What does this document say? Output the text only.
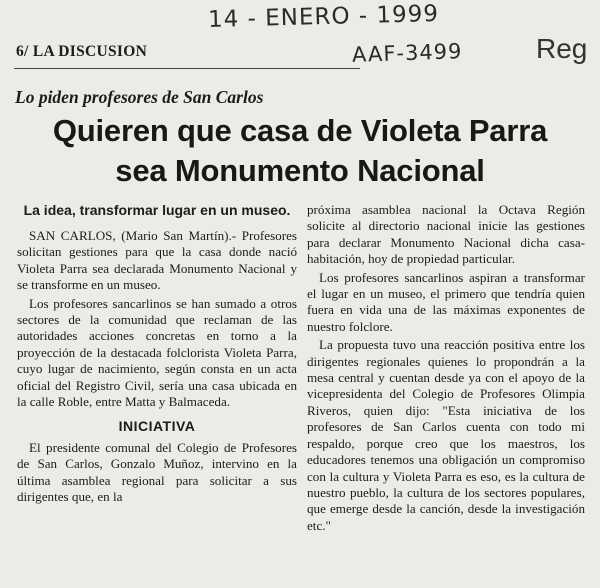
14 - ENERO - 1999
AAF-3499	Reg
6/ LA DISCUSION
Lo piden profesores de San Carlos
Quieren que casa de Violeta Parra
sea Monumento Nacional
La idea, transformar lugar en un museo.

SAN CARLOS, (Mario San Martín).- Profesores solicitan gestiones para que la casa donde nació Violeta Parra sea declarada Monumento Nacional y se transforme en un museo.

Los profesores sancarlinos se han sumado a otros sectores de la comunidad que reclaman de las autoridades acciones concretas en torno a la proyección de la destacada folclorista Violeta Parra, cuyo lugar de nacimiento, según consta en un acta oficial del Registro Civil, sería una casa ubicada en la calle Roble, entre Matta y Balmaceda.

INICIATIVA

El presidente comunal del Colegio de Profesores de San Carlos, Gonzalo Muñoz, intervino en la última asamblea regional para solicitar a sus dirigentes que, en la

próxima asamblea nacional la Octava Región solicite al directorio nacional inicie las gestiones para declarar Monumento Nacional dicha casa-habitación, hoy de propiedad particular.

Los profesores sancarlinos aspiran a transformar el lugar en un museo, el primero que tendría quien fuera en vida una de las máximas exponentes de nuestro folclore.

La propuesta tuvo una reacción positiva entre los dirigentes regionales quienes lo propondrán a la mesa central y cuentan desde ya con el apoyo de la vicepresidenta del Colegio de Profesores Olimpia Riveros, quien dijo: "Esta iniciativa de los profesores de San Carlos cuenta con todo mi respaldo, porque creo que los maestros, los educadores tenemos una obligación un compromiso con la cultura y Violeta Parra es eso, es la cultura de nuestro pueblo, la cultura de los sectores populares, que emerge desde la canción, desde la investigación etc."
